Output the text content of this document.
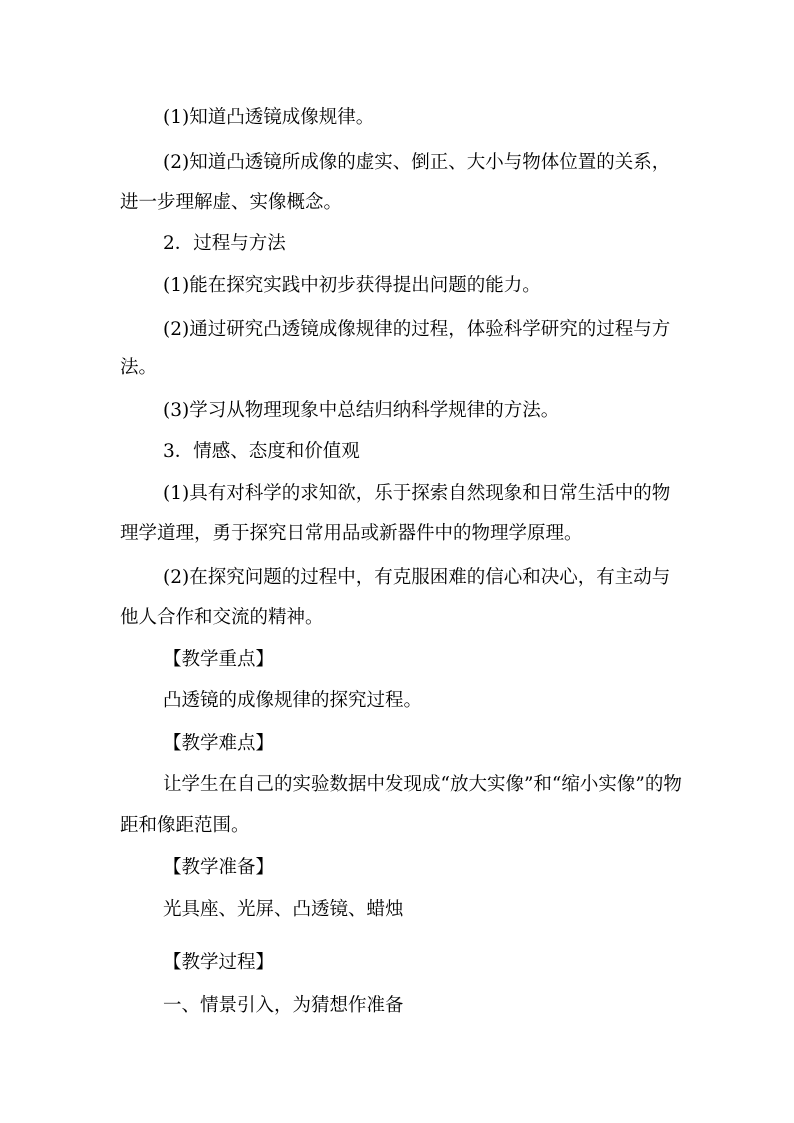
(1)知道凸透镜成像规律。
(2)知道凸透镜所成像的虚实、倒正、大小与物体位置的关系，
进一步理解虚、实像概念。
2．过程与方法
(1)能在探究实践中初步获得提出问题的能力。
(2)通过研究凸透镜成像规律的过程，体验科学研究的过程与方
法。
(3)学习从物理现象中总结归纳科学规律的方法。
3．情感、态度和价值观
(1)具有对科学的求知欲，乐于探索自然现象和日常生活中的物
理学道理，勇于探究日常用品或新器件中的物理学原理。
(2)在探究问题的过程中，有克服困难的信心和决心，有主动与
他人合作和交流的精神。
【教学重点】
凸透镜的成像规律的探究过程。
【教学难点】
让学生在自己的实验数据中发现成“放大实像”和“缩小实像”的物
距和像距范围。
【教学准备】
光具座、光屏、凸透镜、蜡烛
【教学过程】
一、情景引入，为猜想作准备
